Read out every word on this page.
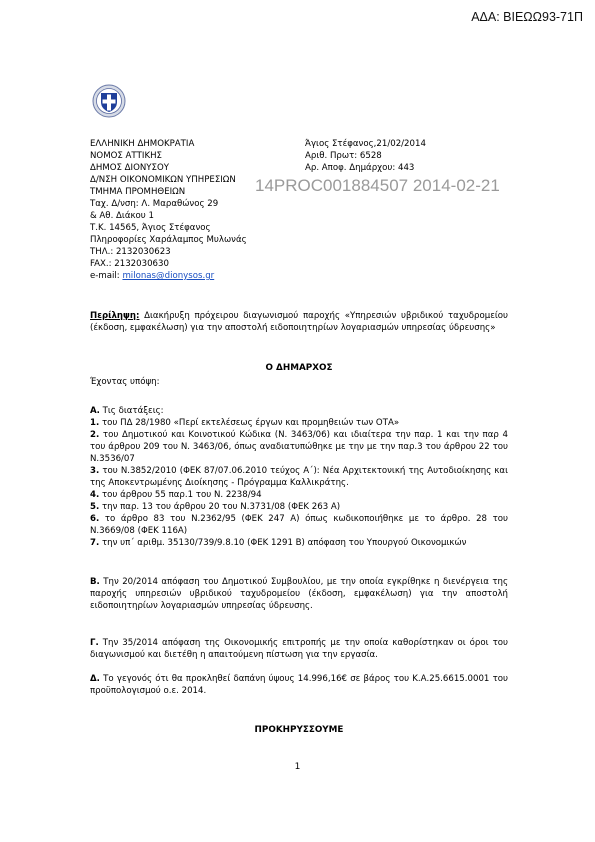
ΑΔΑ: ΒΙΕΩΩ93-71Π
ΕΛΛΗΝΙΚΗ ΔΗΜΟΚΡΑΤΙΑ
ΝΟΜΟΣ ΑΤΤΙΚΗΣ
ΔΗΜΟΣ ΔΙΟΝΥΣΟΥ
Δ/ΝΣΗ ΟΙΚΟΝΟΜΙΚΩΝ ΥΠΗΡΕΣΙΩΝ
ΤΜΗΜΑ ΠΡΟΜΗΘΕΙΩΝ
Ταχ. Δ/νση: Λ. Μαραθώνος 29
& Αθ. Διάκου 1
Τ.Κ. 14565, Άγιος Στέφανος
Πληροφορίες Χαράλαμπος Μυλωνάς
ΤΗΛ.: 2132030623
FAX.: 2132030630
e-mail: milonas@dionysos.gr
Άγιος Στέφανος,21/02/2014
Αριθ. Πρωτ: 6528
Αρ. Αποφ. Δημάρχου: 443
14PROC001884507 2014-02-21

Περίληψη: Διακήρυξη πρόχειρου διαγωνισμού παροχής «Υπηρεσιών υβριδικού ταχυδρομείου (έκδοση, εμφακέλωση) για την αποστολή ειδοποιητηρίων λογαριασμών υπηρεσίας ύδρευσης»

Ο ΔΗΜΑΡΧΟΣ
Έχοντας υπόψη:

Α. Τις διατάξεις:

1. του ΠΔ 28/1980 «Περί εκτελέσεως έργων και προμηθειών των ΟΤΑ»

2. του Δημοτικού και Κοινοτικού Κώδικα (Ν. 3463/06) και ιδιαίτερα την παρ. 1 και την παρ 4 του άρθρου 209 του Ν. 3463/06, όπως αναδιατυπώθηκε με την με την παρ.3 του άρθρου 22 του Ν.3536/07

3. του Ν.3852/2010 (ΦΕΚ 87/07.06.2010 τεύχος Α΄): Νέα Αρχιτεκτονική της Αυτοδιοίκησης και της Αποκεντρωμένης Διοίκησης - Πρόγραμμα Καλλικράτης.

4. του άρθρου 55 παρ.1 του Ν. 2238/94

5. την παρ. 13 του άρθρου 20 του Ν.3731/08 (ΦΕΚ 263 Α)

6. το άρθρο 83 του Ν.2362/95 (ΦΕΚ 247 Α) όπως κωδικοποιήθηκε με το άρθρο. 28 του Ν.3669/08 (ΦΕΚ 116Α)

7. την υπ΄ αριθμ. 35130/739/9.8.10 (ΦΕΚ 1291 Β) απόφαση του Υπουργού Οικονομικών

Β. Την 20/2014 απόφαση του Δημοτικού Συμβουλίου, με την οποία εγκρίθηκε η διενέργεια της παροχής υπηρεσιών υβριδικού ταχυδρομείου (έκδοση, εμφακέλωση) για την αποστολή ειδοποιητηρίων λογαριασμών υπηρεσίας ύδρευσης.

Γ. Την 35/2014 απόφαση της Οικονομικής επιτροπής με την οποία καθορίστηκαν οι όροι του διαγωνισμού και διετέθη η απαιτούμενη πίστωση για την εργασία.

Δ. Το γεγονός ότι θα προκληθεί δαπάνη ύψους 14.996,16€ σε βάρος του Κ.Α.25.6615.0001 του προϋπολογισμού ο.ε. 2014.

ΠΡΟΚΗΡΥΣΣΟΥΜΕ
1
